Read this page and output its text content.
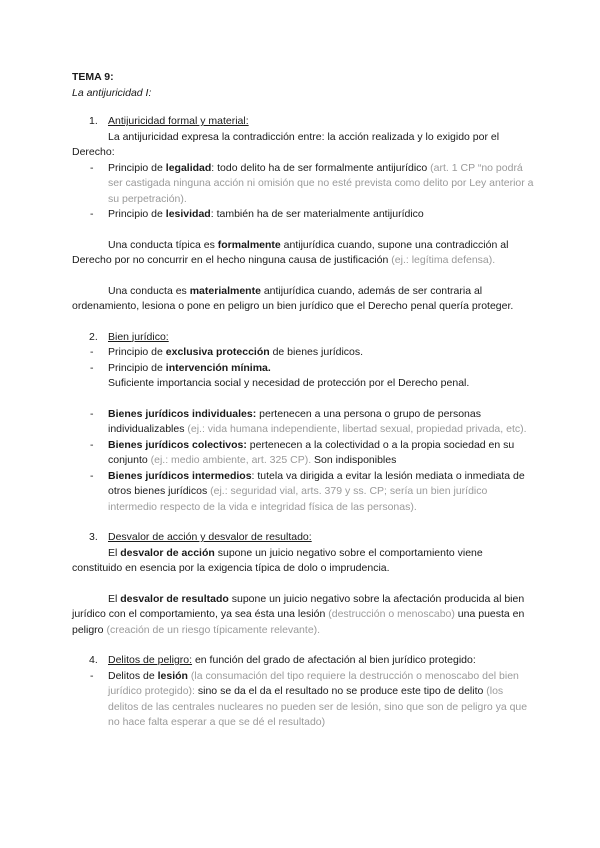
TEMA 9:
La antijuricidad I:
1. Antijuricidad formal y material:
La antijuricidad expresa la contradicción entre: la acción realizada y lo exigido por el
Derecho:
- Principio de legalidad: todo delito ha de ser formalmente antijurídico (art. 1 CP “no podrá ser castigada ninguna acción ni omisión que no esté prevista como delito por Ley anterior a su perpetración).
- Principio de lesividad: también ha de ser materialmente antijurídico
Una conducta típica es formalmente antijurídica cuando, supone una contradicción al Derecho por no concurrir en el hecho ninguna causa de justificación (ej.: legítima defensa).
Una conducta es materialmente antijurídica cuando, además de ser contraria al ordenamiento, lesiona o pone en peligro un bien jurídico que el Derecho penal quería proteger.
2. Bien jurídico:
- Principio de exclusiva protección de bienes jurídicos.
- Principio de intervención mínima.
Suficiente importancia social y necesidad de protección por el Derecho penal.
- Bienes jurídicos individuales: pertenecen a una persona o grupo de personas individualizables (ej.: vida humana independiente, libertad sexual, propiedad privada, etc).
- Bienes jurídicos colectivos: pertenecen a la colectividad o a la propia sociedad en su conjunto (ej.: medio ambiente, art. 325 CP). Son indisponibles
- Bienes jurídicos intermedios: tutela va dirigida a evitar la lesión mediata o inmediata de otros bienes jurídicos (ej.: seguridad vial, arts. 379 y ss. CP; sería un bien jurídico intermedio respecto de la vida e integridad física de las personas).
3. Desvalor de acción y desvalor de resultado:
El desvalor de acción supone un juicio negativo sobre el comportamiento viene constituido en esencia por la exigencia típica de dolo o imprudencia.
El desvalor de resultado supone un juicio negativo sobre la afectación producida al bien jurídico con el comportamiento, ya sea ésta una lesión (destrucción o menoscabo) una puesta en peligro (creación de un riesgo típicamente relevante).
4. Delitos de peligro: en función del grado de afectación al bien jurídico protegido:
- Delitos de lesión (la consumación del tipo requiere la destrucción o menoscabo del bien jurídico protegido): sino se da el da el resultado no se produce este tipo de delito (los delitos de las centrales nucleares no pueden ser de lesión, sino que son de peligro ya que no hace falta esperar a que se dé el resultado)
